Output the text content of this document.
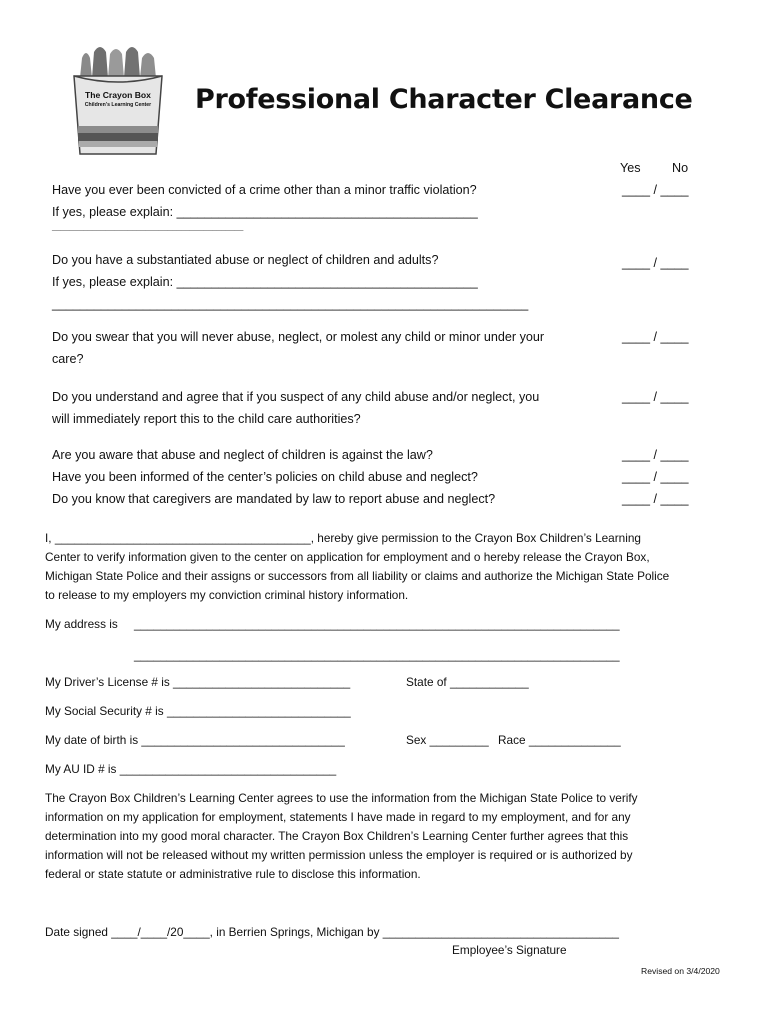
The Crayon Box
Children's Learning Center	Professional Character Clearance
Yes No
Have you ever been convicted of a crime other than a minor traffic violation?	____ / ____
If yes, please explain: ___________________________________________
___________________________________________
Do you have a substantiated abuse or neglect of children and adults?	____ / ____
If yes, please explain: ___________________________________________
____________________________________________________________________
Do you swear that you will never abuse, neglect, or molest any child or minor under your	____ / ____
care?
Do you understand and agree that if you suspect of any child abuse and/or neglect, you	____ / ____
will immediately report this to the child care authorities?
Are you aware that abuse and neglect of children is against the law?	____ / ____
Have you been informed of the center’s policies on child abuse and neglect?	____ / ____
Do you know that caregivers are mandated by law to report abuse and neglect?	____ / ____
I, _______________________________________, hereby give permission to the Crayon Box Children’s Learning
Center to verify information given to the center on application for employment and o hereby release the Crayon Box,
Michigan State Police and their assigns or successors from all liability or claims and authorize the Michigan State Police
to release to my employers my conviction criminal history information.
My address is __________________________________________________________________________
__________________________________________________________________________
My Driver’s License # is ___________________________	State of ____________
My Social Security # is ____________________________
My date of birth is _______________________________	Sex _________ Race ______________
My AU ID # is _________________________________
The Crayon Box Children’s Learning Center agrees to use the information from the Michigan State Police to verify
information on my application for employment, statements I have made in regard to my employment, and for any
determination into my good moral character. The Crayon Box Children’s Learning Center further agrees that this
information will not be released without my written permission unless the employer is required or is authorized by
federal or state statute or administrative rule to disclose this information.
Date signed ____/____/20____, in Berrien Springs, Michigan by ____________________________________
Employee’s Signature
Revised on 3/4/2020
